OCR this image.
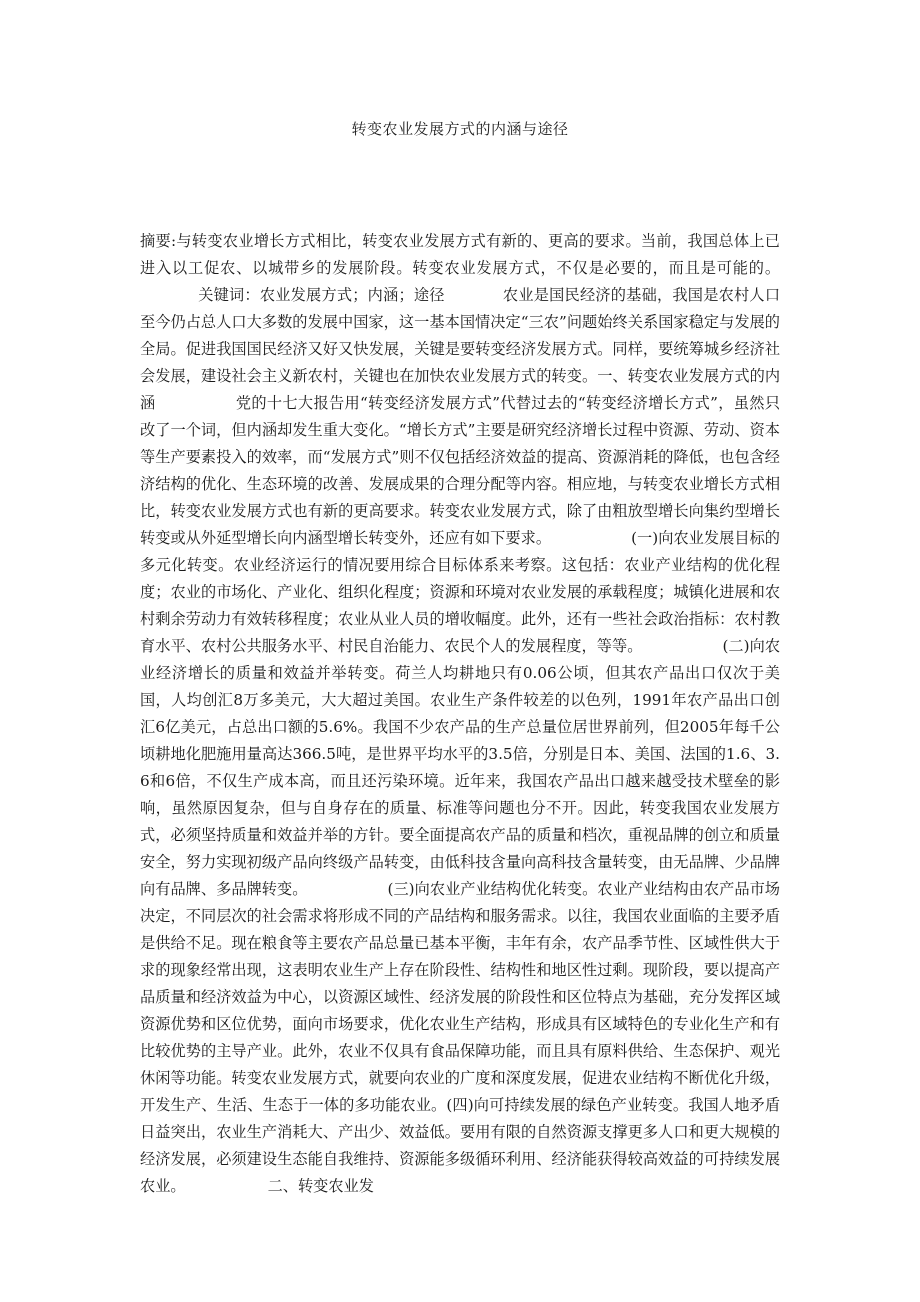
转变农业发展方式的内涵与途径

摘要:与转变农业增长方式相比，转变农业发展方式有新的、更高的要求。当前，我国总体上已进入以工促农、以城带乡的发展阶段。转变农业发展方式，不仅是必要的，而且是可能的。关键词：农业发展方式；内涵；途径	农业是国民经济的基础，我国是农村人口至今仍占总人口大多数的发展中国家，这一基本国情决定“三农”问题始终关系国家稳定与发展的全局。促进我国国民经济又好又快发展，关键是要转变经济发展方式。同样，要统筹城乡经济社会发展，建设社会主义新农村，关键也在加快农业发展方式的转变。一、转变农业发展方式的内涵	党的十七大报告用“转变经济发展方式”代替过去的“转变经济增长方式”，虽然只改了一个词，但内涵却发生重大变化。“增长方式”主要是研究经济增长过程中资源、劳动、资本等生产要素投入的效率，而“发展方式”则不仅包括经济效益的提高、资源消耗的降低，也包含经济结构的优化、生态环境的改善、发展成果的合理分配等内容。相应地，与转变农业增长方式相比，转变农业发展方式也有新的更高要求。转变农业发展方式，除了由粗放型增长向集约型增长转变或从外延型增长向内涵型增长转变外，还应有如下要求。	(一)向农业发展目标的多元化转变。农业经济运行的情况要用综合目标体系来考察。这包括：农业产业结构的优化程度；农业的市场化、产业化、组织化程度；资源和环境对农业发展的承载程度；城镇化进展和农村剩余劳动力有效转移程度；农业从业人员的增收幅度。此外，还有一些社会政治指标：农村教育水平、农村公共服务水平、村民自治能力、农民个人的发展程度，等等。	(二)向农业经济增长的质量和效益并举转变。荷兰人均耕地只有0.06公顷，但其农产品出口仅次于美国，人均创汇8万多美元，大大超过美国。农业生产条件较差的以色列，1991年农产品出口创汇6亿美元，占总出口额的5.6%。我国不少农产品的生产总量位居世界前列，但2005年每千公顷耕地化肥施用量高达366.5吨，是世界平均水平的3.5倍，分别是日本、美国、法国的1.6、3.6和6倍，不仅生产成本高，而且还污染环境。近年来，我国农产品出口越来越受技术壁垒的影响，虽然原因复杂，但与自身存在的质量、标准等问题也分不开。因此，转变我国农业发展方式，必须坚持质量和效益并举的方针。要全面提高农产品的质量和档次，重视品牌的创立和质量安全，努力实现初级产品向终级产品转变，由低科技含量向高科技含量转变，由无品牌、少品牌向有品牌、多品牌转变。	(三)向农业产业结构优化转变。农业产业结构由农产品市场决定，不同层次的社会需求将形成不同的产品结构和服务需求。以往，我国农业面临的主要矛盾是供给不足。现在粮食等主要农产品总量已基本平衡，丰年有余，农产品季节性、区域性供大于求的现象经常出现，这表明农业生产上存在阶段性、结构性和地区性过剩。现阶段，要以提高产品质量和经济效益为中心，以资源区域性、经济发展的阶段性和区位特点为基础，充分发挥区域资源优势和区位优势，面向市场要求，优化农业生产结构，形成具有区域特色的专业化生产和有比较优势的主导产业。此外，农业不仅具有食品保障功能，而且具有原料供给、生态保护、观光休闲等功能。转变农业发展方式，就要向农业的广度和深度发展，促进农业结构不断优化升级，开发生产、生活、生态于一体的多功能农业。(四)向可持续发展的绿色产业转变。我国人地矛盾日益突出，农业生产消耗大、产出少、效益低。要用有限的自然资源支撑更多人口和更大规模的经济发展，必须建设生态能自我维持、资源能多级循环利用、经济能获得较高效益的可持续发展农业。	二、转变农业发
